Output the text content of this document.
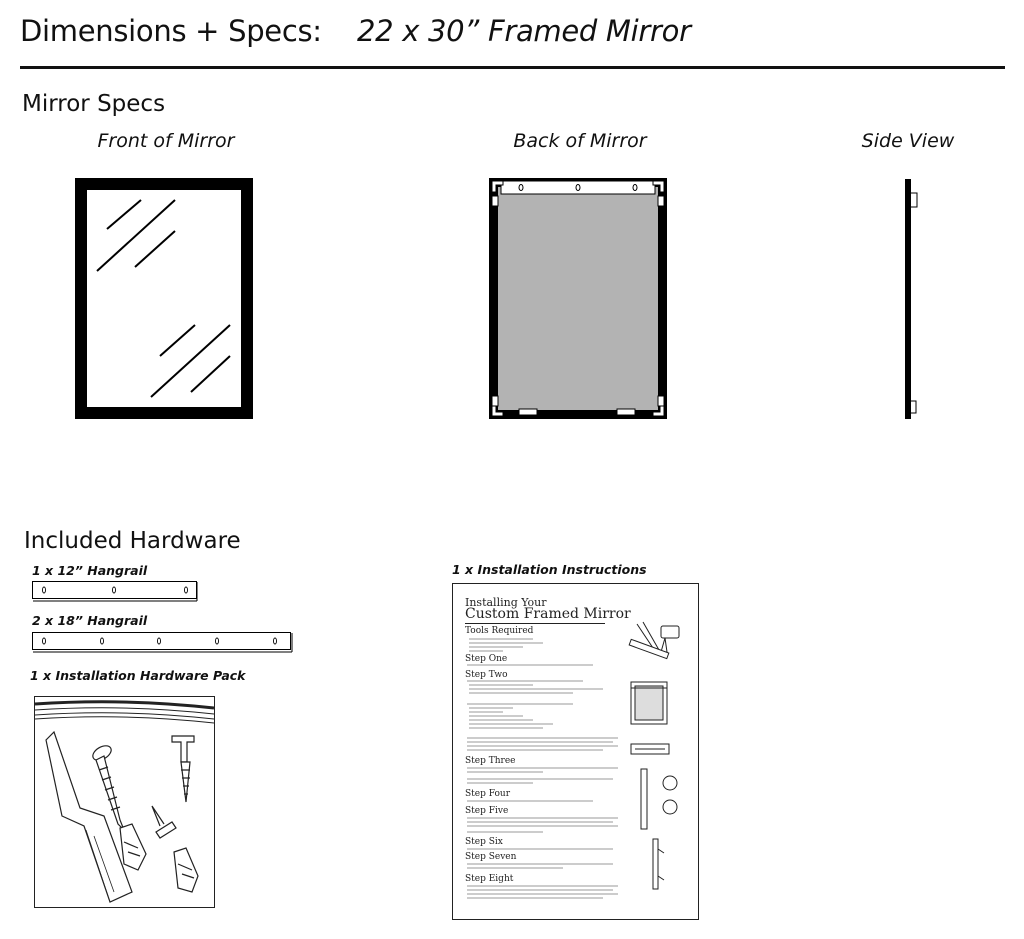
Dimensions + Specs: 22 x 30” Framed Mirror
Mirror Specs
Front of Mirror	Back of Mirror	Side View
Included Hardware
1 x 12” Hangrail
2 x 18” Hangrail
1 x Installation Hardware Pack
1 x Installation Instructions
Installing Your
Custom Framed Mirror
Tools Required
Step One
Step Two
Step Three
Step Four
Step Five
Step Six
Step Seven
Step Eight
